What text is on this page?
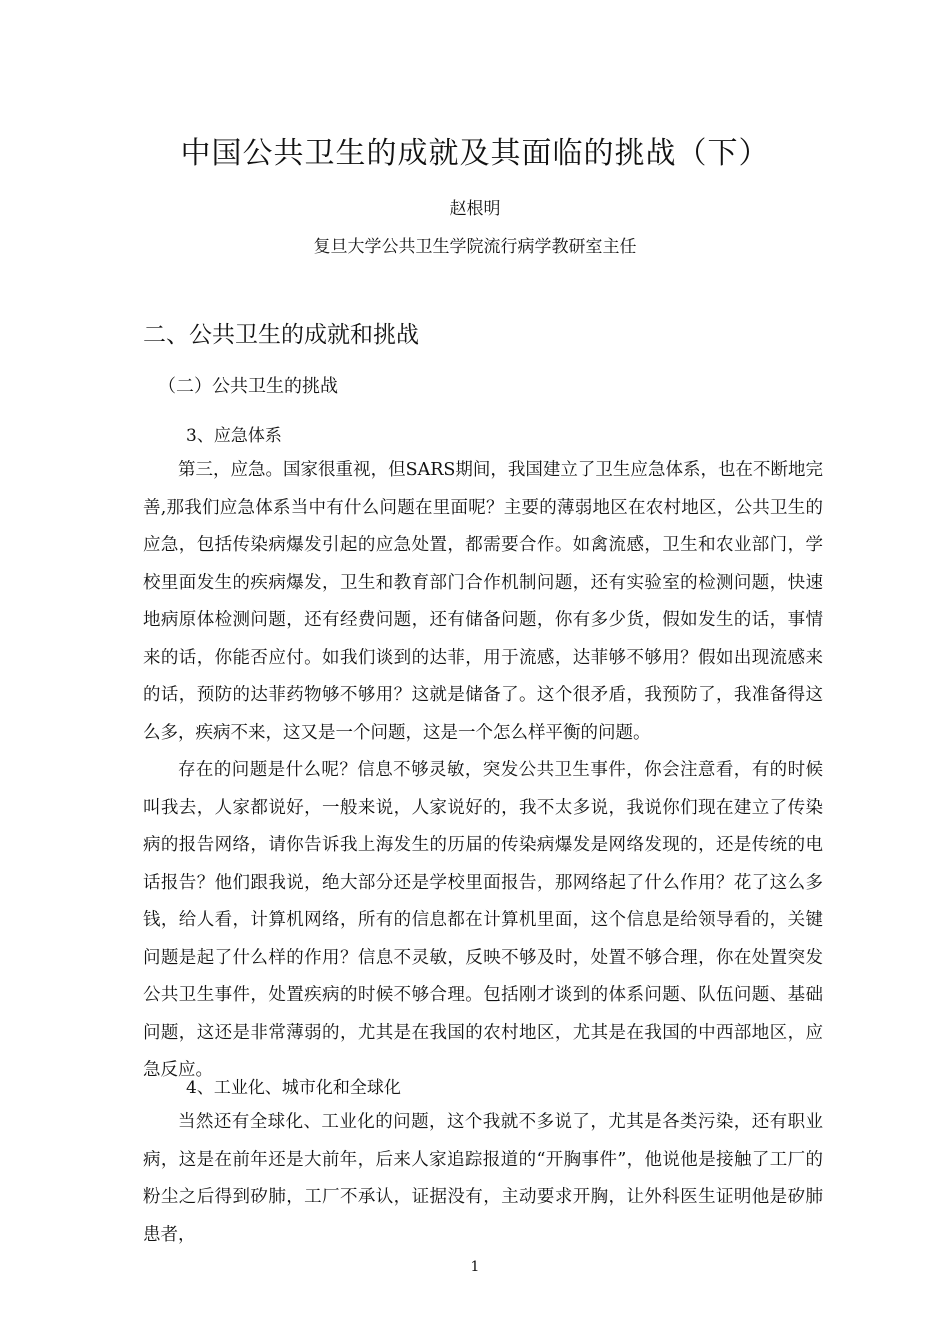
中国公共卫生的成就及其面临的挑战（下）
赵根明
复旦大学公共卫生学院流行病学教研室主任
二、公共卫生的成就和挑战
（二）公共卫生的挑战
3、应急体系

第三，应急。国家很重视，但SARS期间，我国建立了卫生应急体系，也在不断地完善,那我们应急体系当中有什么问题在里面呢？主要的薄弱地区在农村地区，公共卫生的应急，包括传染病爆发引起的应急处置，都需要合作。如禽流感，卫生和农业部门，学校里面发生的疾病爆发，卫生和教育部门合作机制问题，还有实验室的检测问题，快速地病原体检测问题，还有经费问题，还有储备问题，你有多少货，假如发生的话，事情来的话，你能否应付。如我们谈到的达菲，用于流感，达菲够不够用？假如出现流感来的话，预防的达菲药物够不够用？这就是储备了。这个很矛盾，我预防了，我准备得这么多，疾病不来，这又是一个问题，这是一个怎么样平衡的问题。

存在的问题是什么呢？信息不够灵敏，突发公共卫生事件，你会注意看，有的时候叫我去，人家都说好，一般来说，人家说好的，我不太多说，我说你们现在建立了传染病的报告网络，请你告诉我上海发生的历届的传染病爆发是网络发现的，还是传统的电话报告？他们跟我说，绝大部分还是学校里面报告，那网络起了什么作用？花了这么多钱，给人看，计算机网络，所有的信息都在计算机里面，这个信息是给领导看的，关键问题是起了什么样的作用？信息不灵敏，反映不够及时，处置不够合理，你在处置突发公共卫生事件，处置疾病的时候不够合理。包括刚才谈到的体系问题、队伍问题、基础问题，这还是非常薄弱的，尤其是在我国的农村地区，尤其是在我国的中西部地区，应急反应。

4、工业化、城市化和全球化

当然还有全球化、工业化的问题，这个我就不多说了，尤其是各类污染，还有职业病，这是在前年还是大前年，后来人家追踪报道的“开胸事件”，他说他是接触了工厂的粉尘之后得到矽肺，工厂不承认，证据没有，主动要求开胸，让外科医生证明他是矽肺患者，

1
